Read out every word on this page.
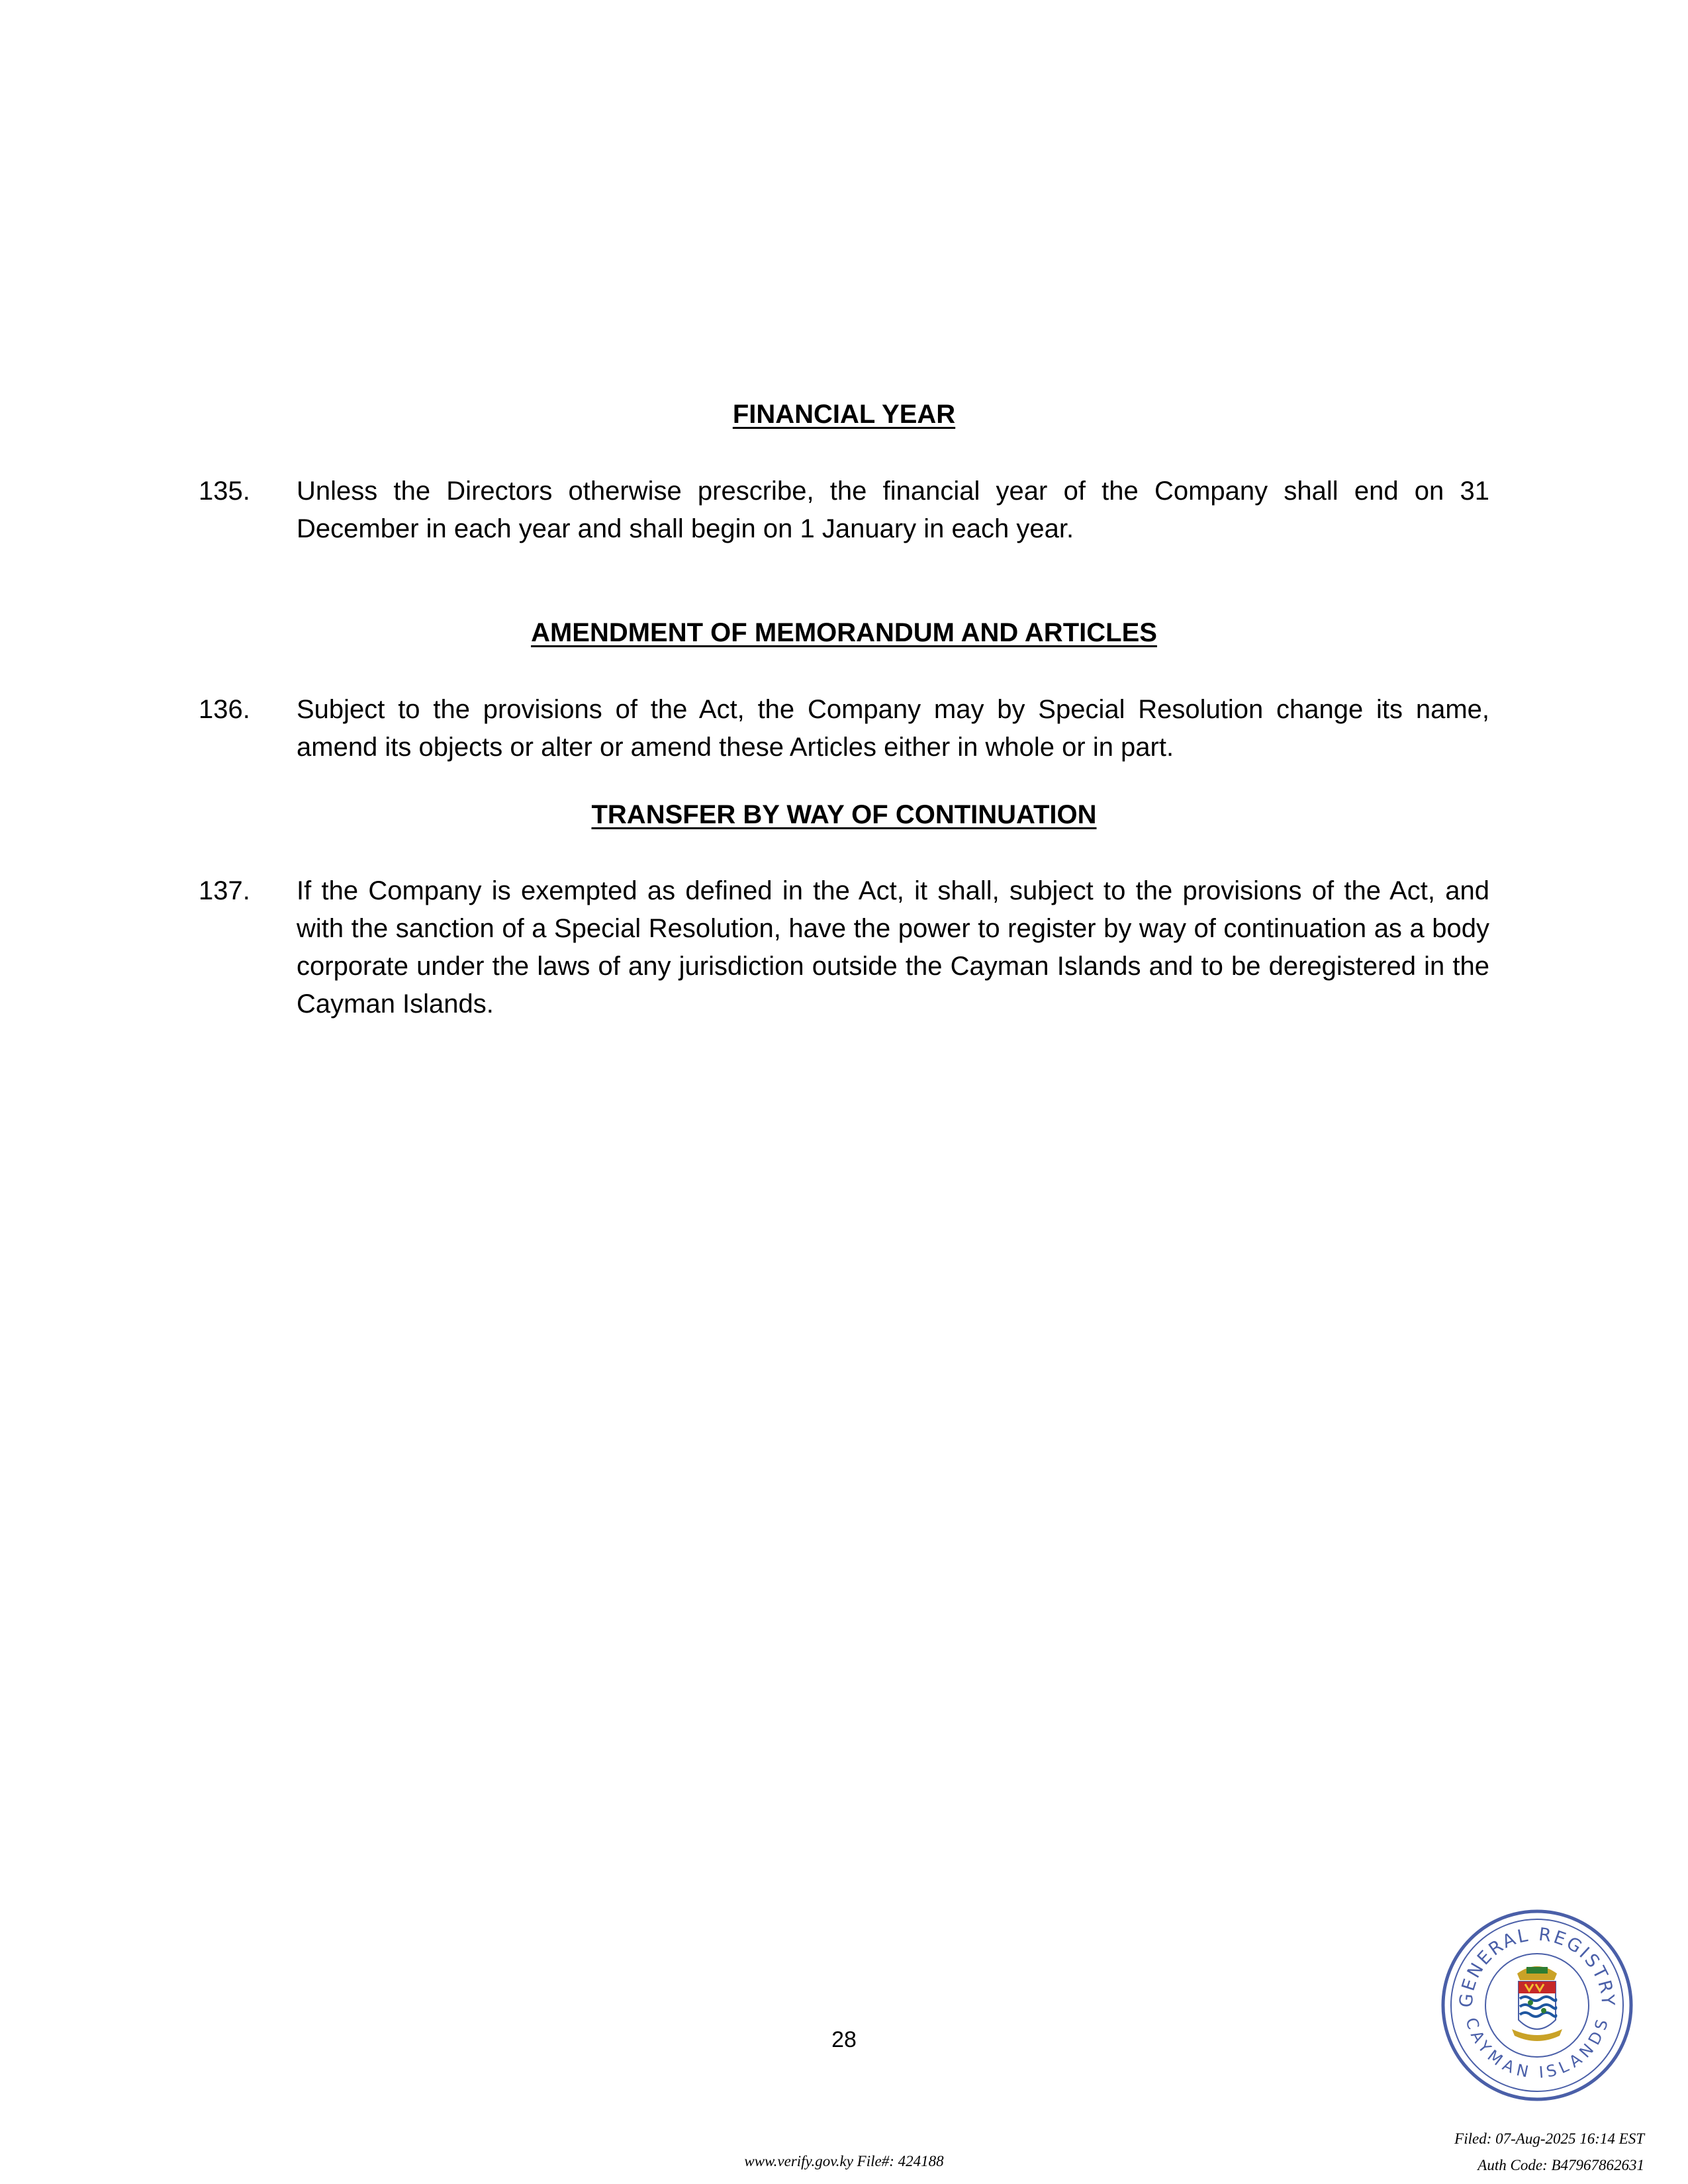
FINANCIAL YEAR
135.	Unless the Directors otherwise prescribe, the financial year of the Company shall end on 31 December in each year and shall begin on 1 January in each year.
AMENDMENT OF MEMORANDUM AND ARTICLES
136.	Subject to the provisions of the Act, the Company may by Special Resolution change its name, amend its objects or alter or amend these Articles either in whole or in part.
TRANSFER BY WAY OF CONTINUATION
137.	If the Company is exempted as defined in the Act, it shall, subject to the provisions of the Act, and with the sanction of a Special Resolution, have the power to register by way of continuation as a body corporate under the laws of any jurisdiction outside the Cayman Islands and to be deregistered in the Cayman Islands.
28
GENERAL REGISTRY
CAYMAN ISLANDS
Filed: 07-Aug-2025 16:14 EST
Auth Code: B47967862631
www.verify.gov.ky File#: 424188
